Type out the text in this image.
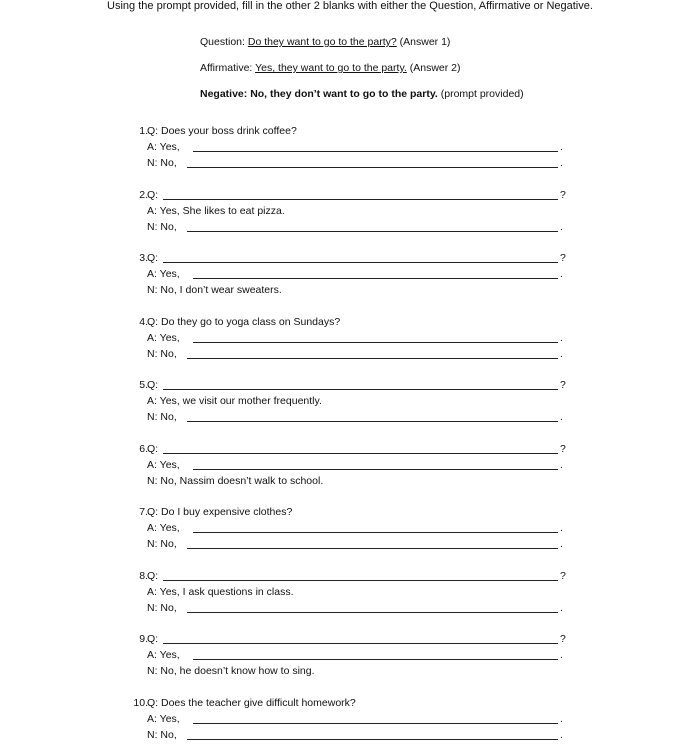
Using the prompt provided, fill in the other 2 blanks with either the Question, Affirmative or Negative.
Question: Do they want to go to the party? (Answer 1)
Affirmative: Yes, they want to go to the party. (Answer 2)
Negative: No, they don’t want to go to the party. (prompt provided)
1. Q: Does your boss drink coffee?
A: Yes,	.
N: No,	.
2. Q:	?
A: Yes, She likes to eat pizza.
N: No,	.
3. Q:	?
A: Yes,	.
N: No, I don’t wear sweaters.
4. Q: Do they go to yoga class on Sundays?
A: Yes,	.
N: No,	.
5. Q:	?
A: Yes, we visit our mother frequently.
N: No,	.
6. Q:	?
A: Yes,	.
N: No, Nassim doesn’t walk to school.
7. Q: Do I buy expensive clothes?
A: Yes,	.
N: No,	.
8. Q:	?
A: Yes, I ask questions in class.
N: No,	.
9. Q:	?
A: Yes,	.
N: No, he doesn’t know how to sing.
10. Q: Does the teacher give difficult homework?
A: Yes,	.
N: No,	.
